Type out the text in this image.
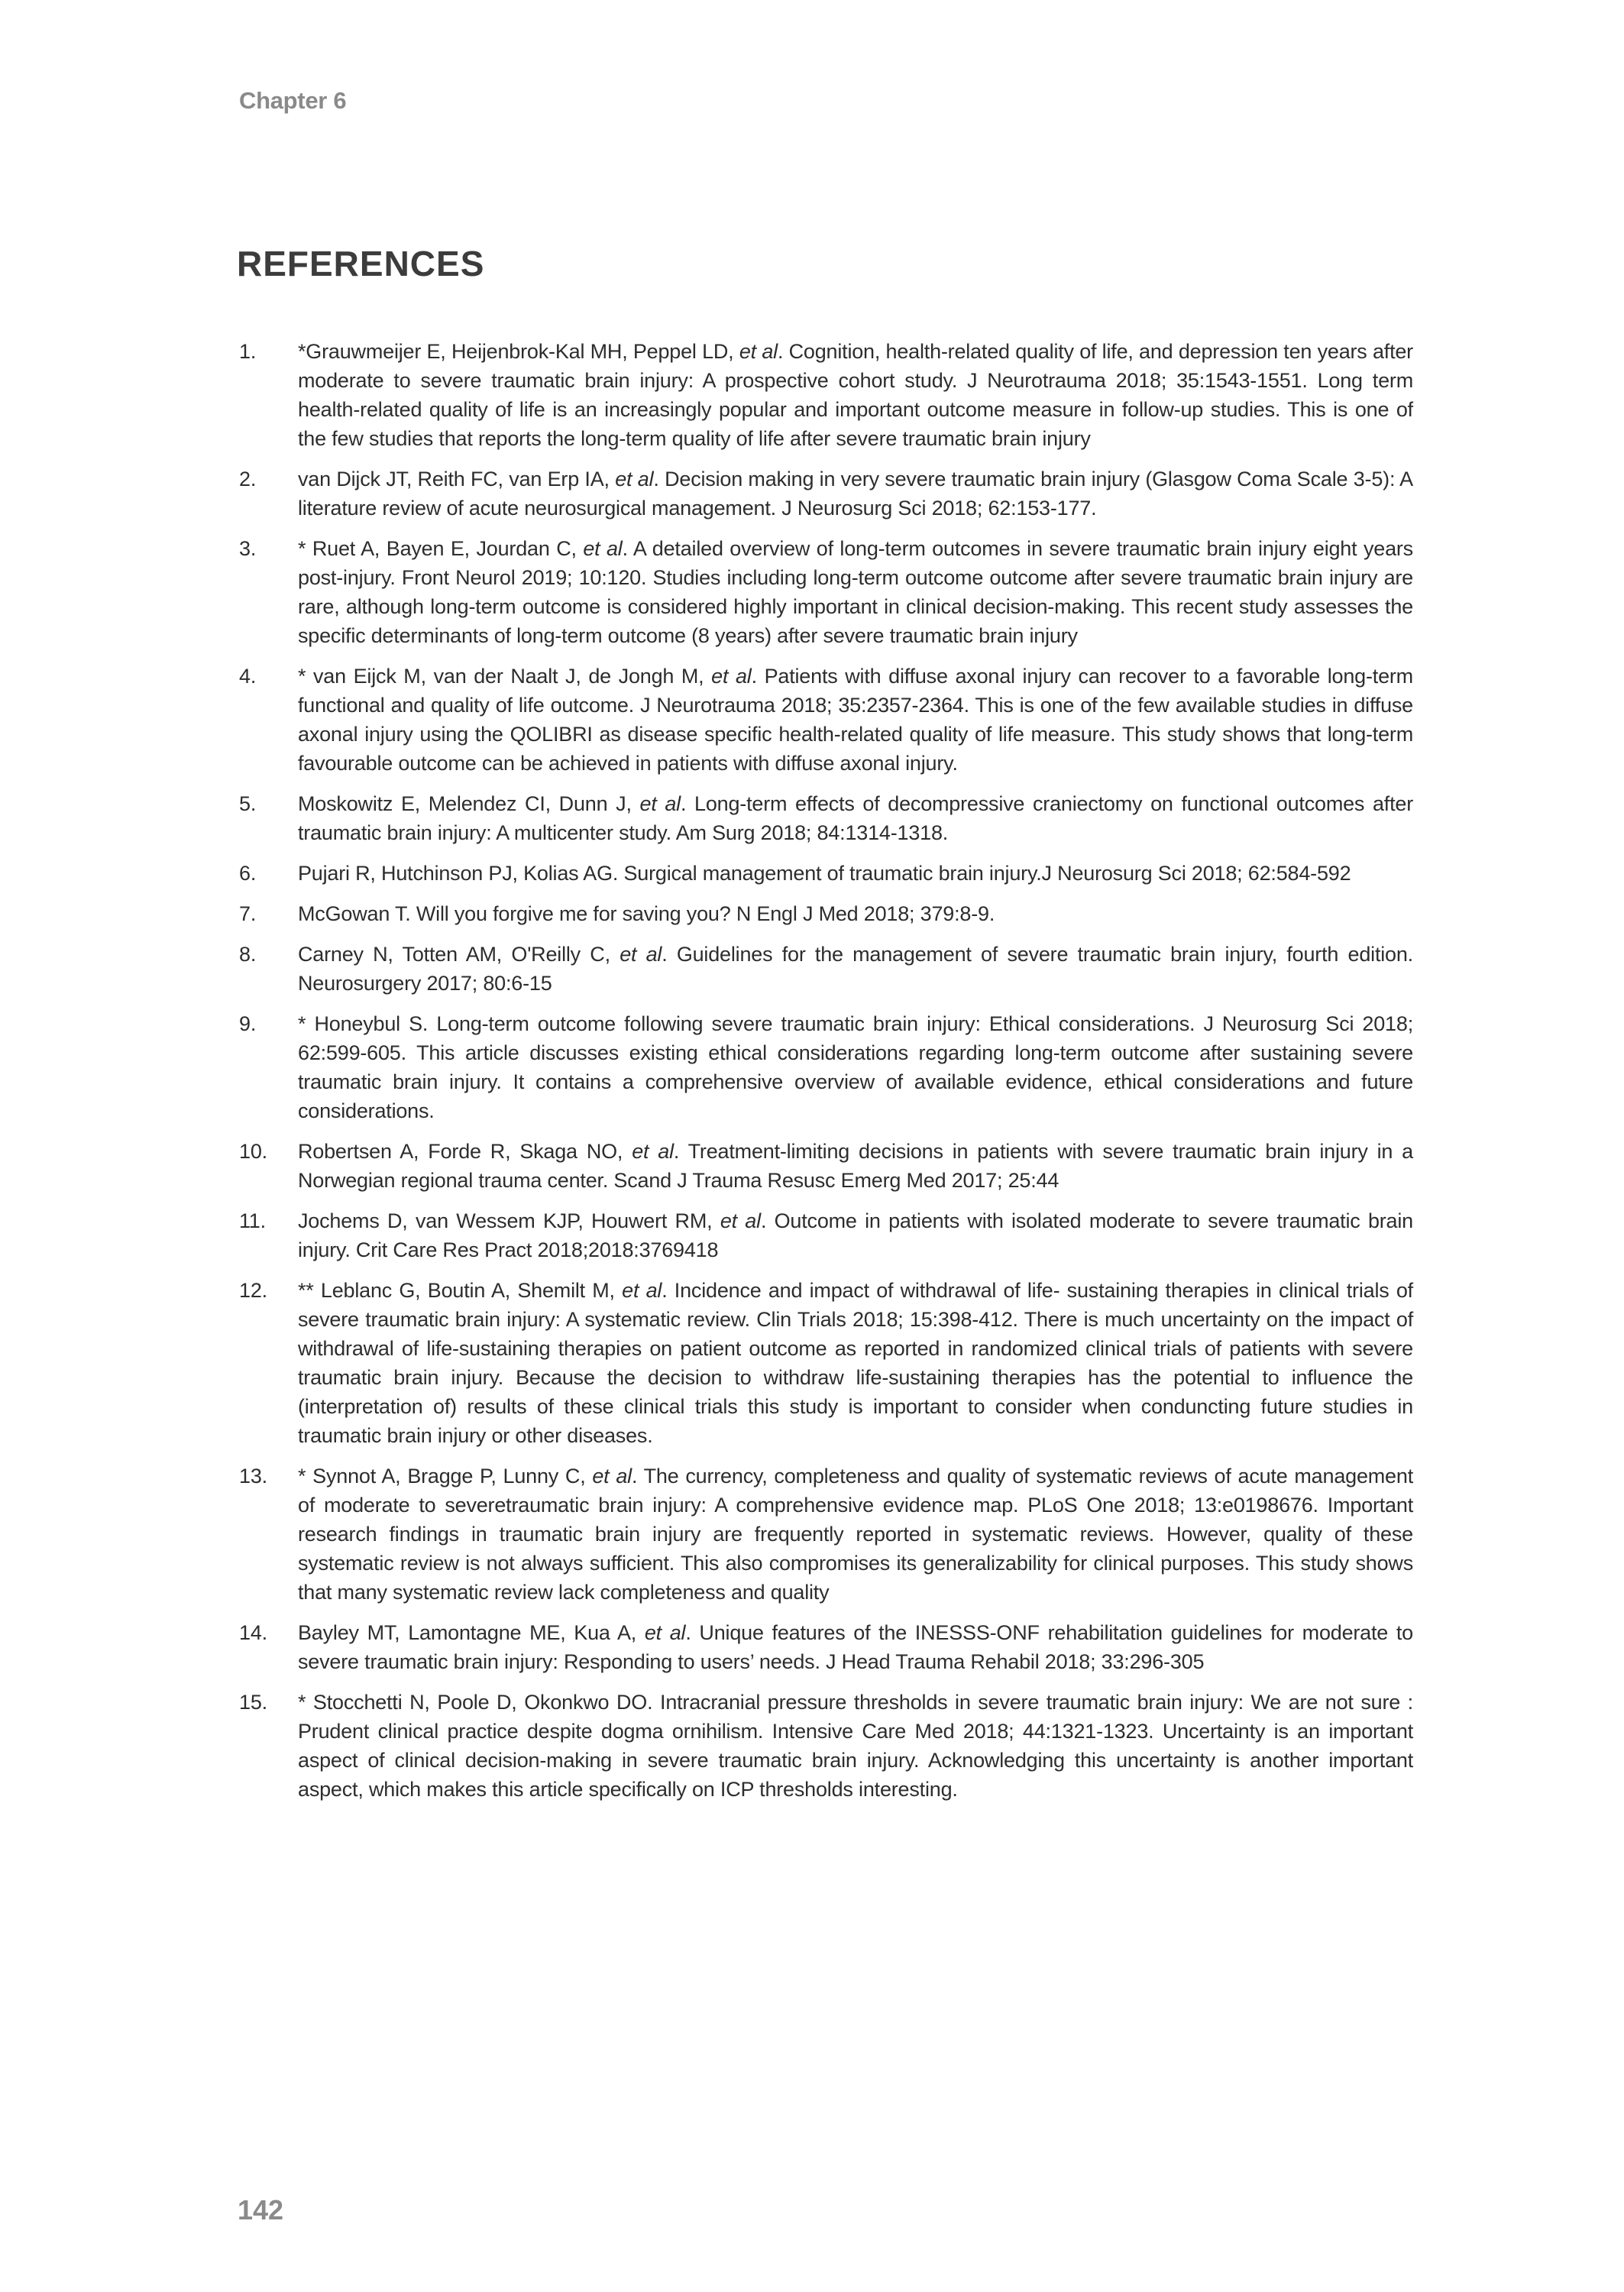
Chapter 6
REFERENCES
1.	*Grauwmeijer E, Heijenbrok-Kal MH, Peppel LD, et al. Cognition, health-related quality of life, and depression ten years after moderate to severe traumatic brain injury: A prospective cohort study. J Neurotrauma 2018; 35:1543-1551. Long term health-related quality of life is an increasingly popular and important outcome measure in follow-up studies. This is one of the few studies that reports the long-term quality of life after severe traumatic brain injury
2.	van Dijck JT, Reith FC, van Erp IA, et al. Decision making in very severe traumatic brain injury (Glasgow Coma Scale 3-5): A literature review of acute neurosurgical management. J Neurosurg Sci 2018; 62:153-177.
3.	* Ruet A, Bayen E, Jourdan C, et al. A detailed overview of long-term outcomes in severe traumatic brain injury eight years post-injury. Front Neurol 2019; 10:120. Studies including long-term outcome outcome after severe traumatic brain injury are rare, although long-term outcome is considered highly important in clinical decision-making. This recent study assesses the specific determinants of long-term outcome (8 years) after severe traumatic brain injury
4.	* van Eijck M, van der Naalt J, de Jongh M, et al. Patients with diffuse axonal injury can recover to a favorable long-term functional and quality of life outcome. J Neurotrauma 2018; 35:2357-2364. This is one of the few available studies in diffuse axonal injury using the QOLIBRI as disease specific health-related quality of life measure. This study shows that long-term favourable outcome can be achieved in patients with diffuse axonal injury.
5.	Moskowitz E, Melendez CI, Dunn J, et al. Long-term effects of decompressive craniectomy on functional outcomes after traumatic brain injury: A multicenter study. Am Surg 2018; 84:1314-1318.
6.	Pujari R, Hutchinson PJ, Kolias AG. Surgical management of traumatic brain injury.J Neurosurg Sci 2018; 62:584-592
7.	McGowan T. Will you forgive me for saving you? N Engl J Med 2018; 379:8-9.
8.	Carney N, Totten AM, O'Reilly C, et al. Guidelines for the management of severe traumatic brain injury, fourth edition. Neurosurgery 2017; 80:6-15
9.	* Honeybul S. Long-term outcome following severe traumatic brain injury: Ethical considerations. J Neurosurg Sci 2018; 62:599-605. This article discusses existing ethical considerations regarding long-term outcome after sustaining severe traumatic brain injury. It contains a comprehensive overview of available evidence, ethical considerations and future considerations.
10.	Robertsen A, Forde R, Skaga NO, et al. Treatment-limiting decisions in patients with severe traumatic brain injury in a Norwegian regional trauma center. Scand J Trauma Resusc Emerg Med 2017; 25:44
11.	Jochems D, van Wessem KJP, Houwert RM, et al. Outcome in patients with isolated moderate to severe traumatic brain injury. Crit Care Res Pract 2018;2018:3769418
12.	** Leblanc G, Boutin A, Shemilt M, et al. Incidence and impact of withdrawal of life- sustaining therapies in clinical trials of severe traumatic brain injury: A systematic review. Clin Trials 2018; 15:398-412. There is much uncertainty on the impact of withdrawal of life-sustaining therapies on patient outcome as reported in randomized clinical trials of patients with severe traumatic brain injury. Because the decision to withdraw life-sustaining therapies has the potential to influence the (interpretation of) results of these clinical trials this study is important to consider when conduncting future studies in traumatic brain injury or other diseases.
13.	* Synnot A, Bragge P, Lunny C, et al. The currency, completeness and quality of systematic reviews of acute management of moderate to severetraumatic brain injury: A comprehensive evidence map. PLoS One 2018; 13:e0198676. Important research findings in traumatic brain injury are frequently reported in systematic reviews. However, quality of these systematic review is not always sufficient. This also compromises its generalizability for clinical purposes. This study shows that many systematic review lack completeness and quality
14.	Bayley MT, Lamontagne ME, Kua A, et al. Unique features of the INESSS-ONF rehabilitation guidelines for moderate to severe traumatic brain injury: Responding to users’ needs. J Head Trauma Rehabil 2018; 33:296-305
15.	* Stocchetti N, Poole D, Okonkwo DO. Intracranial pressure thresholds in severe traumatic brain injury: We are not sure : Prudent clinical practice despite dogma ornihilism. Intensive Care Med 2018; 44:1321-1323. Uncertainty is an important aspect of clinical decision-making in severe traumatic brain injury. Acknowledging this uncertainty is another important aspect, which makes this article specifically on ICP thresholds interesting.
142
